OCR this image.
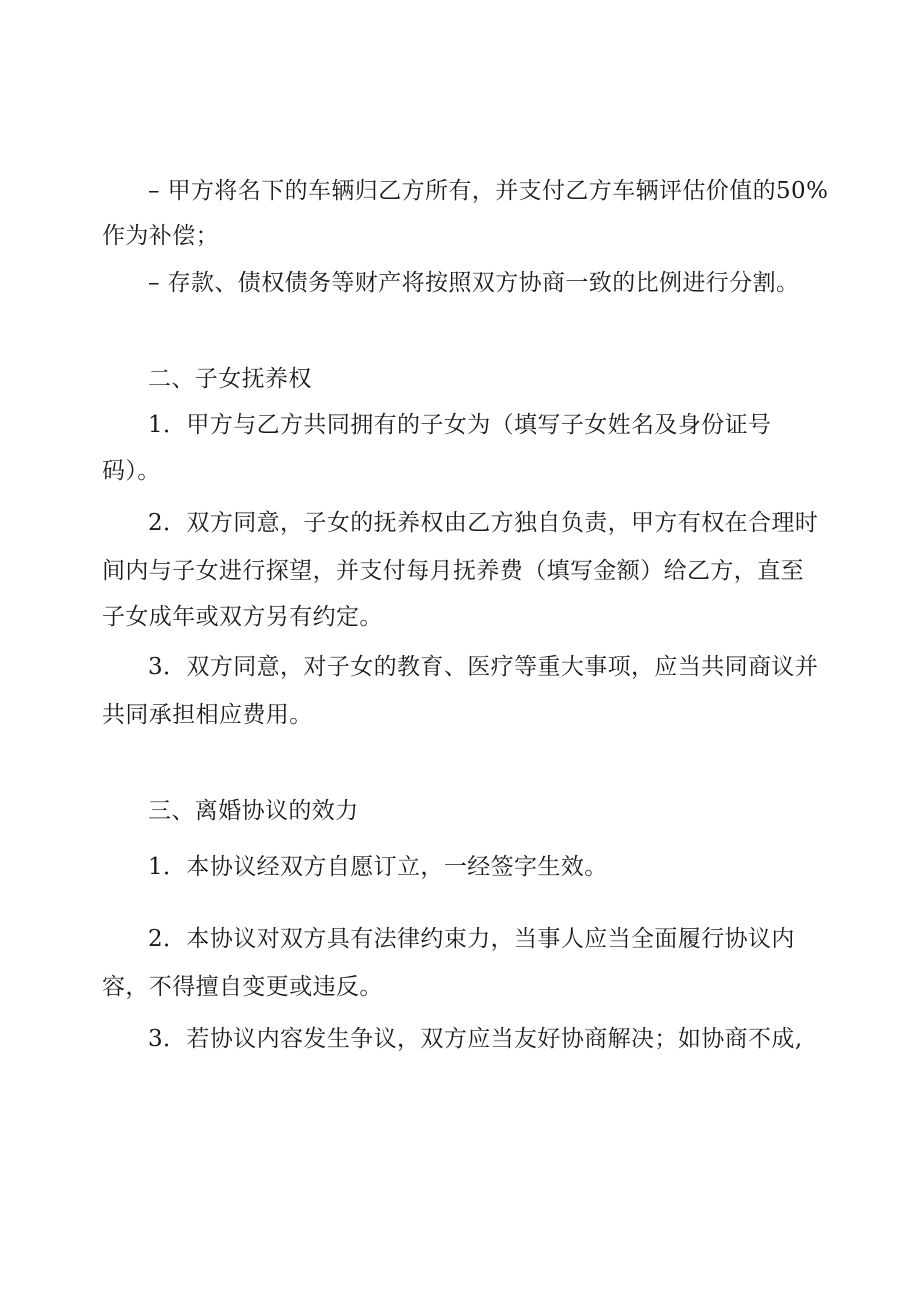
– 甲方将名下的车辆归乙方所有，并支付乙方车辆评估价值的50%
作为补偿；
– 存款、债权债务等财产将按照双方协商一致的比例进行分割。
二、子女抚养权
1．甲方与乙方共同拥有的子女为（填写子女姓名及身份证号
码）。
2．双方同意，子女的抚养权由乙方独自负责，甲方有权在合理时
间内与子女进行探望，并支付每月抚养费（填写金额）给乙方，直至
子女成年或双方另有约定。
3．双方同意，对子女的教育、医疗等重大事项，应当共同商议并
共同承担相应费用。
三、离婚协议的效力
1．本协议经双方自愿订立，一经签字生效。
2．本协议对双方具有法律约束力，当事人应当全面履行协议内
容，不得擅自变更或违反。
3．若协议内容发生争议，双方应当友好协商解决；如协商不成,
